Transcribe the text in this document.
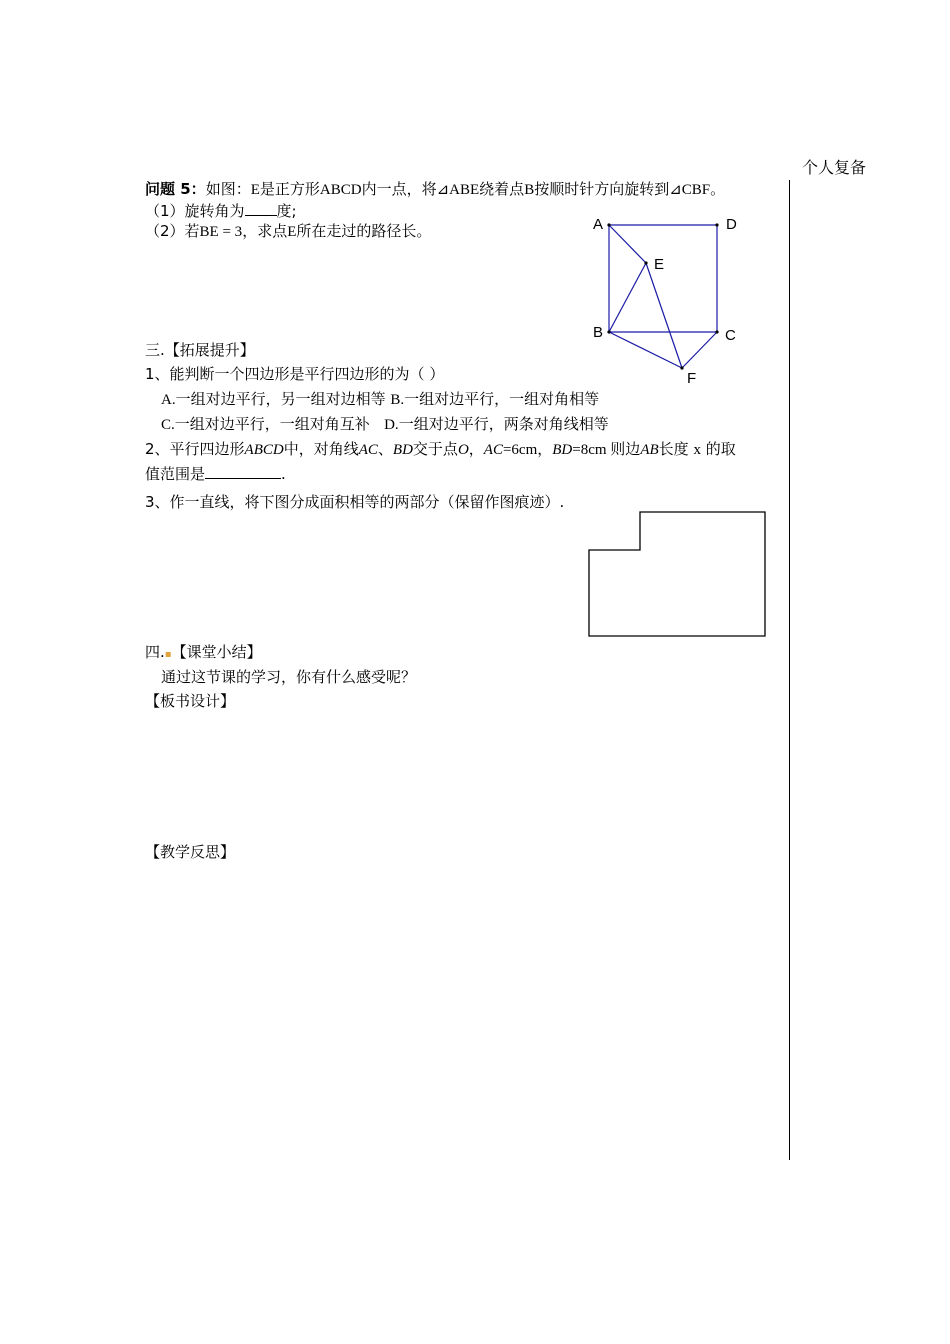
个人复备
问题 5：如图：E是正方形ABCD内一点，将⊿ABE绕着点B按顺时针方向旋转到⊿CBF。
（1）旋转角为 度;
（2）若BE = 3，求点E所在走过的路径长。	A	D
E
B	C
F
三.【拓展提升】
1、能判断一个四边形是平行四边形的为（ ）
A.一组对边平行，另一组对边相等 B.一组对边平行，一组对角相等
C.一组对边平行，一组对角互补 D.一组对边平行，两条对角线相等
2、平行四边形ABCD中，对角线AC、BD交于点O，AC=6cm，BD=8cm 则边AB长度 x 的取
值范围是	.
3、作一直线，将下图分成面积相等的两部分（保留作图痕迹）.
四.▪【课堂小结】
通过这节课的学习，你有什么感受呢？
【板书设计】
【教学反思】
